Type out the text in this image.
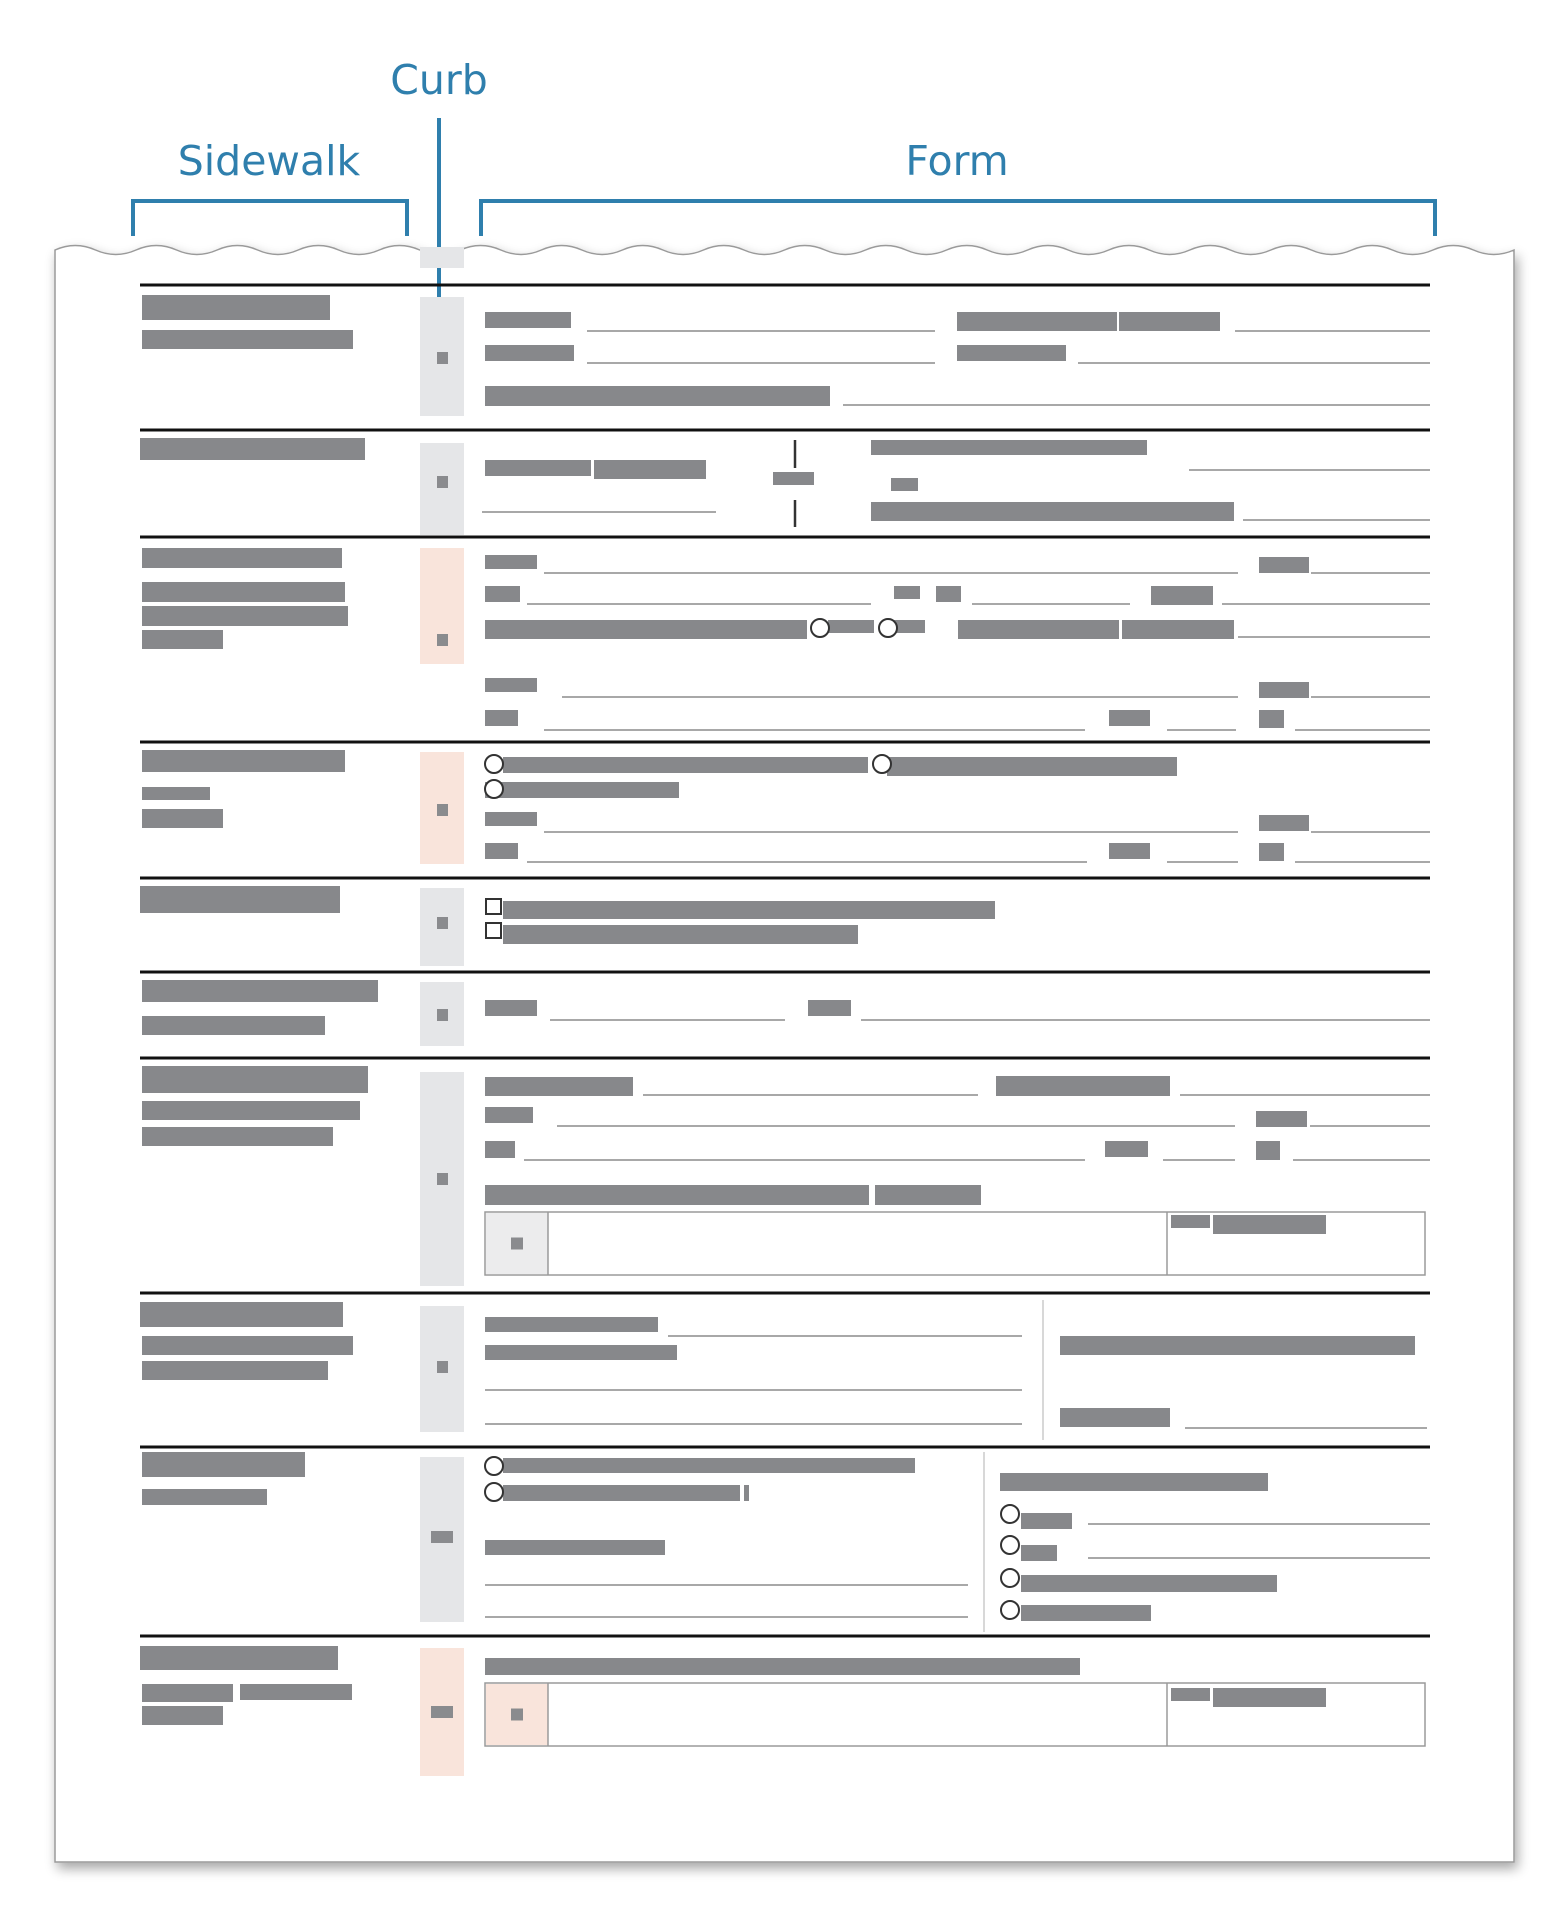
Curb
Sidewalk	Form
